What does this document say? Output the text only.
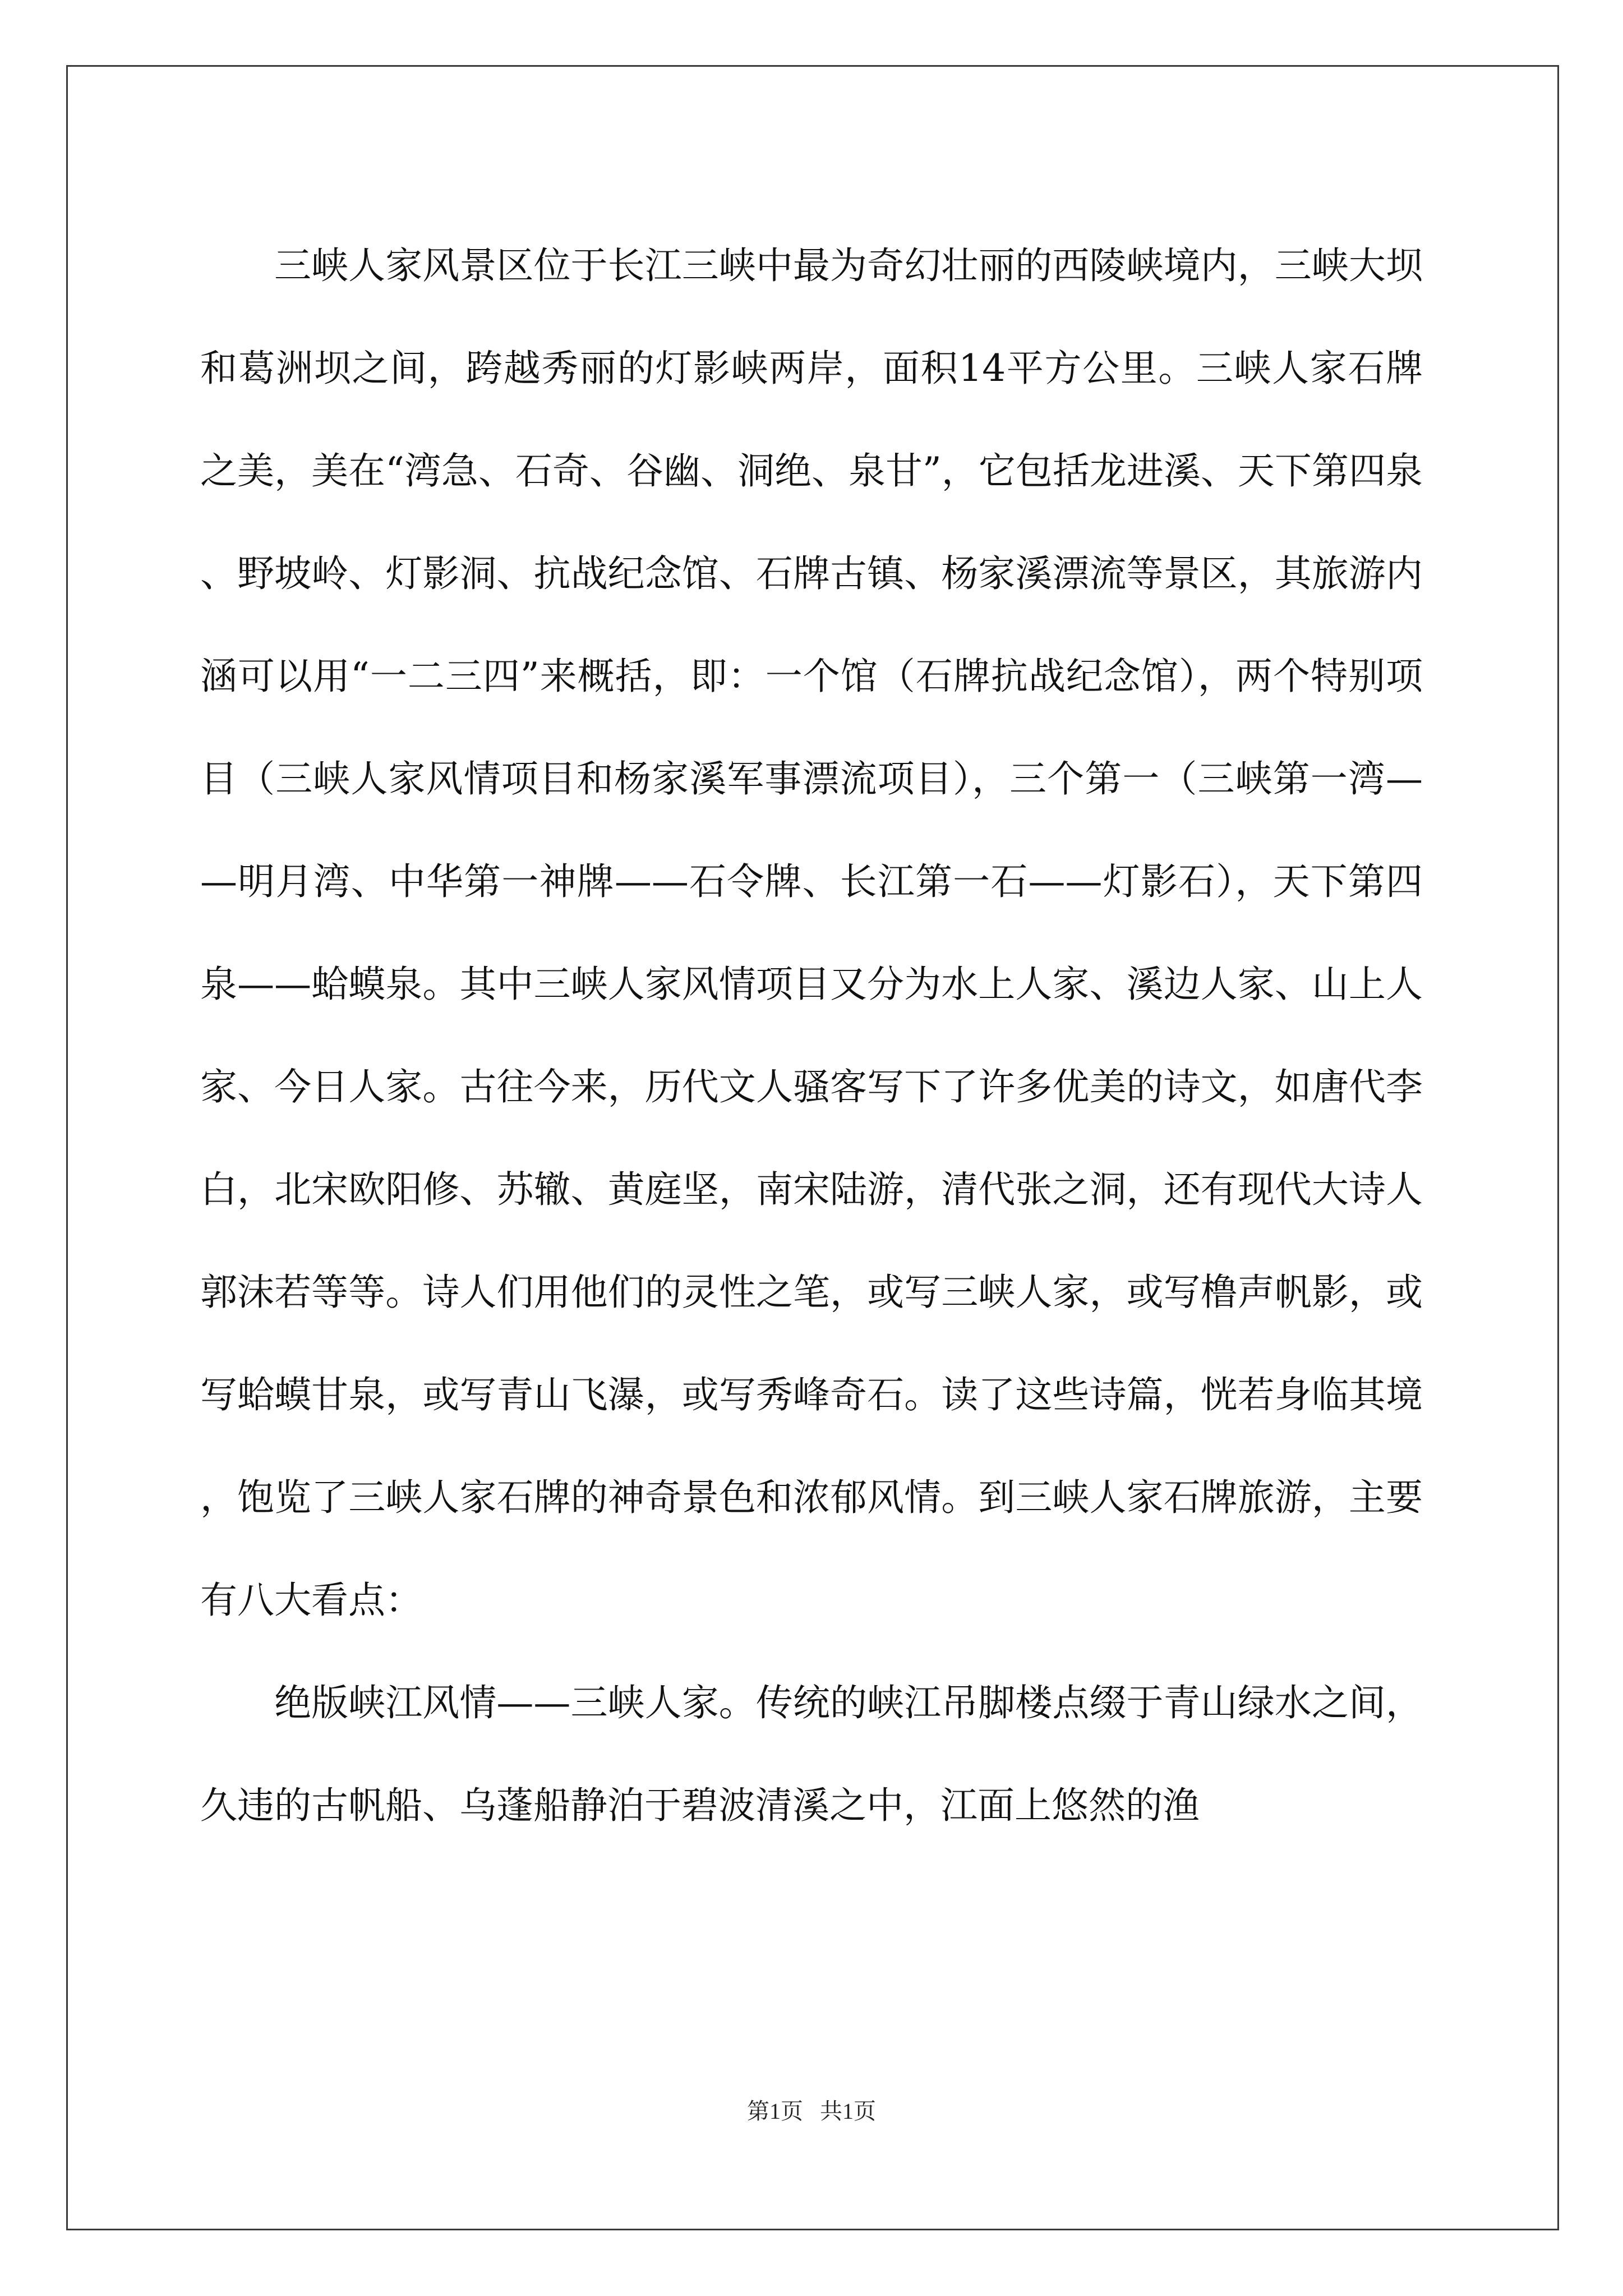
三峡人家风景区位于长江三峡中最为奇幻壮丽的西陵峡境内，三峡大坝和葛洲坝之间，跨越秀丽的灯影峡两岸，面积14平方公里。三峡人家石牌之美，美在“湾急、石奇、谷幽、洞绝、泉甘”，它包括龙进溪、天下第四泉、野坡岭、灯影洞、抗战纪念馆、石牌古镇、杨家溪漂流等景区，其旅游内涵可以用“一二三四”来概括，即：一个馆（石牌抗战纪念馆），两个特别项目（三峡人家风情项目和杨家溪军事漂流项目），三个第一（三峡第一湾——明月湾、中华第一神牌——石令牌、长江第一石——灯影石），天下第四泉——蛤蟆泉。其中三峡人家风情项目又分为水上人家、溪边人家、山上人家、今日人家。古往今来，历代文人骚客写下了许多优美的诗文，如唐代李白，北宋欧阳修、苏辙、黄庭坚，南宋陆游，清代张之洞，还有现代大诗人郭沫若等等。诗人们用他们的灵性之笔，或写三峡人家，或写橹声帆影，或写蛤蟆甘泉，或写青山飞瀑，或写秀峰奇石。读了这些诗篇，恍若身临其境，饱览了三峡人家石牌的神奇景色和浓郁风情。到三峡人家石牌旅游，主要有八大看点：

绝版峡江风情——三峡人家。传统的峡江吊脚楼点缀于青山绿水之间，久违的古帆船、乌蓬船静泊于碧波清溪之中，江面上悠然的渔

第1页   共1页
